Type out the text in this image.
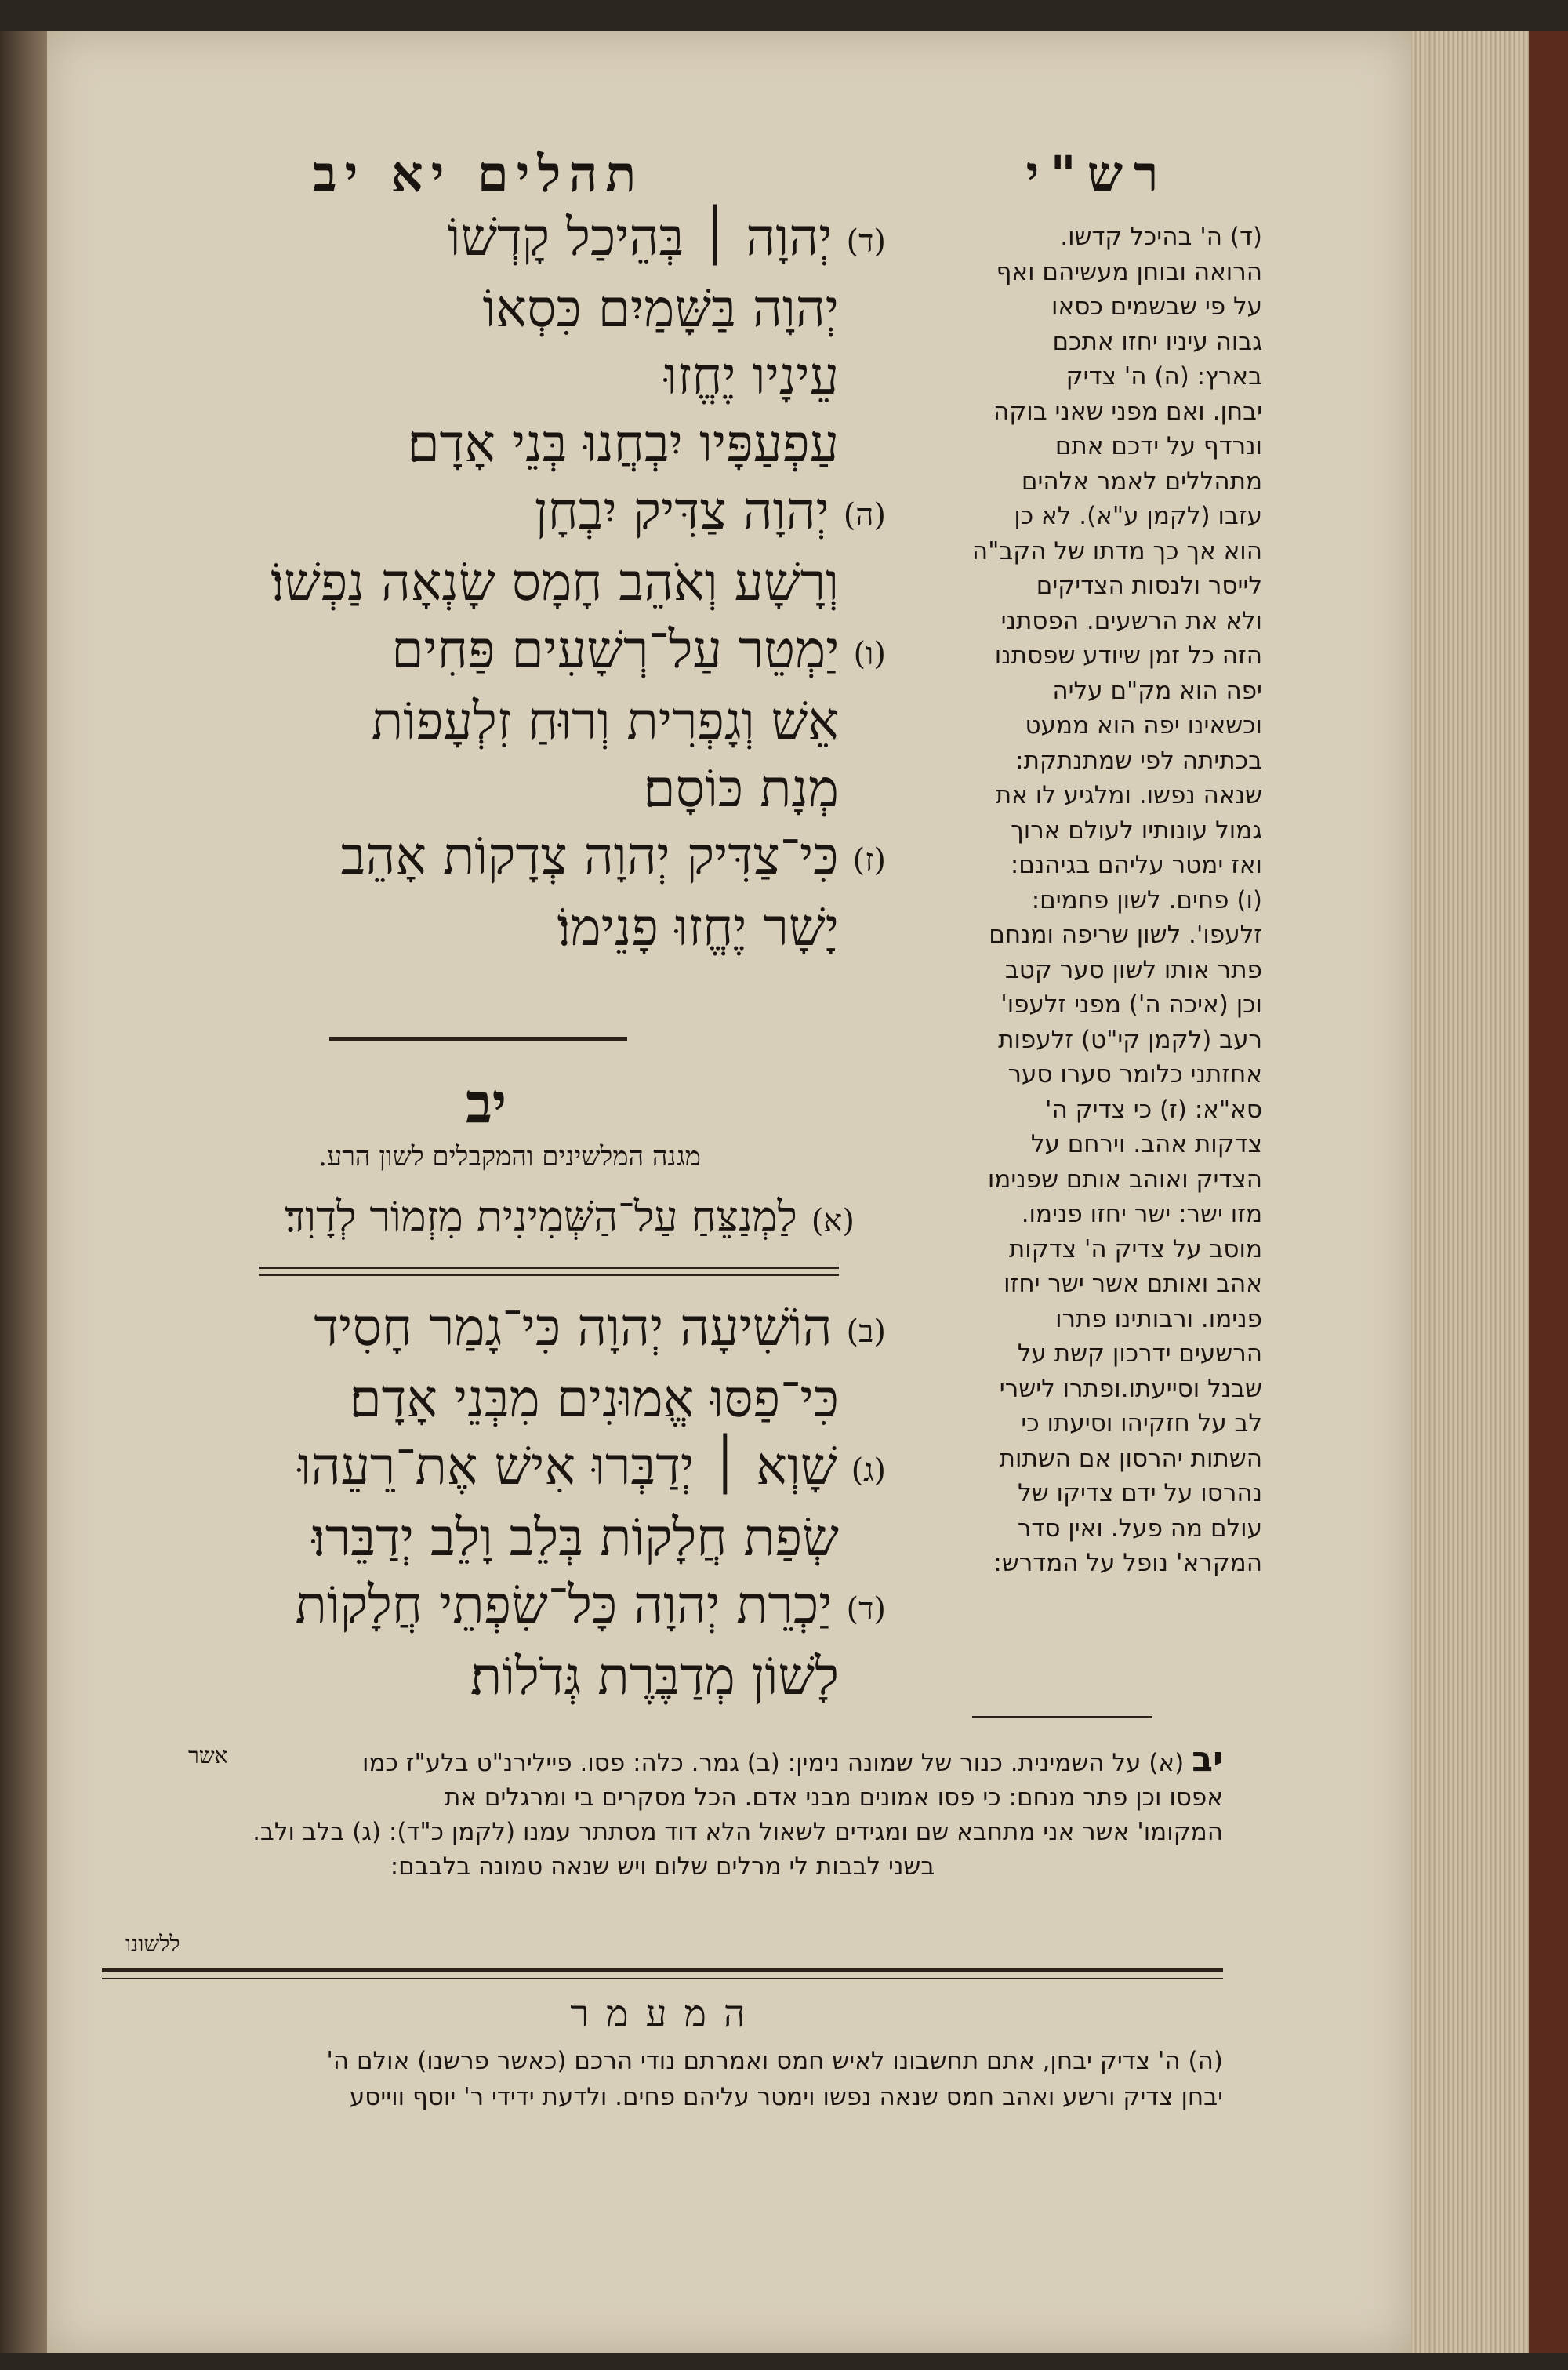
רש"י
תהלים יא יב
(ד)יְהוָה ׀ בְּהֵיכַל קָדְשׁוֹ
יְהוָה בַּשָּׁמַיִם כִּסְאוֹ
עֵינָיו יֶחֱזוּ
עַפְעַפָּיו יִבְחֲנוּ בְּנֵי אָדָם׃
(ה)יְהוָה צַדִּיק יִבְחָן
וְרָשָׁע וְאֹהֵב חָמָס שָׂנְאָה נַפְשׁוֹ׃
(ו)יַמְטֵר עַל־רְשָׁעִים פַּחִים
אֵשׁ וְגָפְרִית וְרוּחַ זִלְעָפוֹת
מְנָת כּוֹסָם׃
(ז)כִּי־צַדִּיק יְהוָה צְדָקוֹת אָהֵב
יָשָׁר יֶחֱזוּ פָנֵימוֹ׃
יב
מגנה המלשינים והמקבלים לשון הרע.
(א)לַמְנַצֵּחַ עַל־הַשְּׁמִינִית מִזְמוֹר לְדָוִד׃
(ב)הוֹשִׁיעָה יְהוָה כִּי־גָמַר חָסִיד
כִּי־פַסּוּ אֱמוּנִים מִבְּנֵי אָדָם׃
(ג)שָׁוְא ׀ יְדַבְּרוּ אִישׁ אֶת־רֵעֵהוּ
שְׂפַת חֲלָקוֹת בְּלֵב וָלֵב יְדַבֵּרוּ׃
(ד)יַכְרֵת יְהוָה כָּל־שִׂפְתֵי חֲלָקוֹת
לָשׁוֹן מְדַבֶּרֶת גְּדֹלוֹת׃
(ד) ה' בהיכל קדשו.
הרואה ובוחן מעשיהם ואף
על פי שבשמים כסאו
גבוה עיניו יחזו אתכם
בארץ: (ה) ה' צדיק
יבחן. ואם מפני שאני בוקה
ונרדף על ידכם אתם
מתהללים לאמר אלהים
עזבו (לקמן ע"א). לא כן
הוא אך כך מדתו של הקב"ה
לייסר ולנסות הצדיקים
ולא את הרשעים. הפסתני
הזה כל זמן שיודע שפסתנו
יפה הוא מק"ם עליה
וכשאינו יפה הוא ממעט
בכתיתה לפי שמתנתקת:
שנאה נפשו. ומלגיע לו את
גמול עונותיו לעולם ארוך
ואז ימטר עליהם בגיהנם:
(ו) פחים. לשון פחמים:
זלעפו'. לשון שריפה ומנחם
פתר אותו לשון סער קטב
וכן (איכה ה') מפני זלעפו'
רעב (לקמן קי"ט) זלעפות
אחזתני כלומר סערו סער
סא"א: (ז) כי צדיק ה'
צדקות אהב. וירחם על
הצדיק ואוהב אותם שפנימו
מזו ישר: ישר יחזו פנימו.
מוסב על צדיק ה' צדקות
אהב ואותם אשר ישר יחזו
פנימו. ורבותינו פתרו
הרשעים ידרכון קשת על
שבנל וסייעתו.ופתרו לישרי
לב על חזקיהו וסיעתו כי
השתות יהרסון אם השתות
נהרסו על ידם צדיקו של
עולם מה פעל. ואין סדר
המקרא' נופל על המדרש:
אשר	יב(א) על השמינית. כנור של שמונה נימין: (ב) גמר. כלה: פסו. פיילירנ"ט בלע"ז כמו
אפסו וכן פתר מנחם: כי פסו אמונים מבני אדם. הכל מסקרים בי ומרגלים את
המקומו' אשר אני מתחבא שם ומגידים לשאול הלא דוד מסתתר עמנו (לקמן כ"ד): (ג) בלב ולב.
בשני לבבות לי מרלים שלום ויש שנאה טמונה בלבבם:
ללשונו
המעמר
(ה) ה' צדיק יבחן, אתם תחשבונו לאיש חמס ואמרתם נודי הרכם (כאשר פרשנו) אולם ה'
יבחן צדיק ורשע ואהב חמס שנאה נפשו וימטר עליהם פחים. ולדעת ידידי ר' יוסף ווייסע
